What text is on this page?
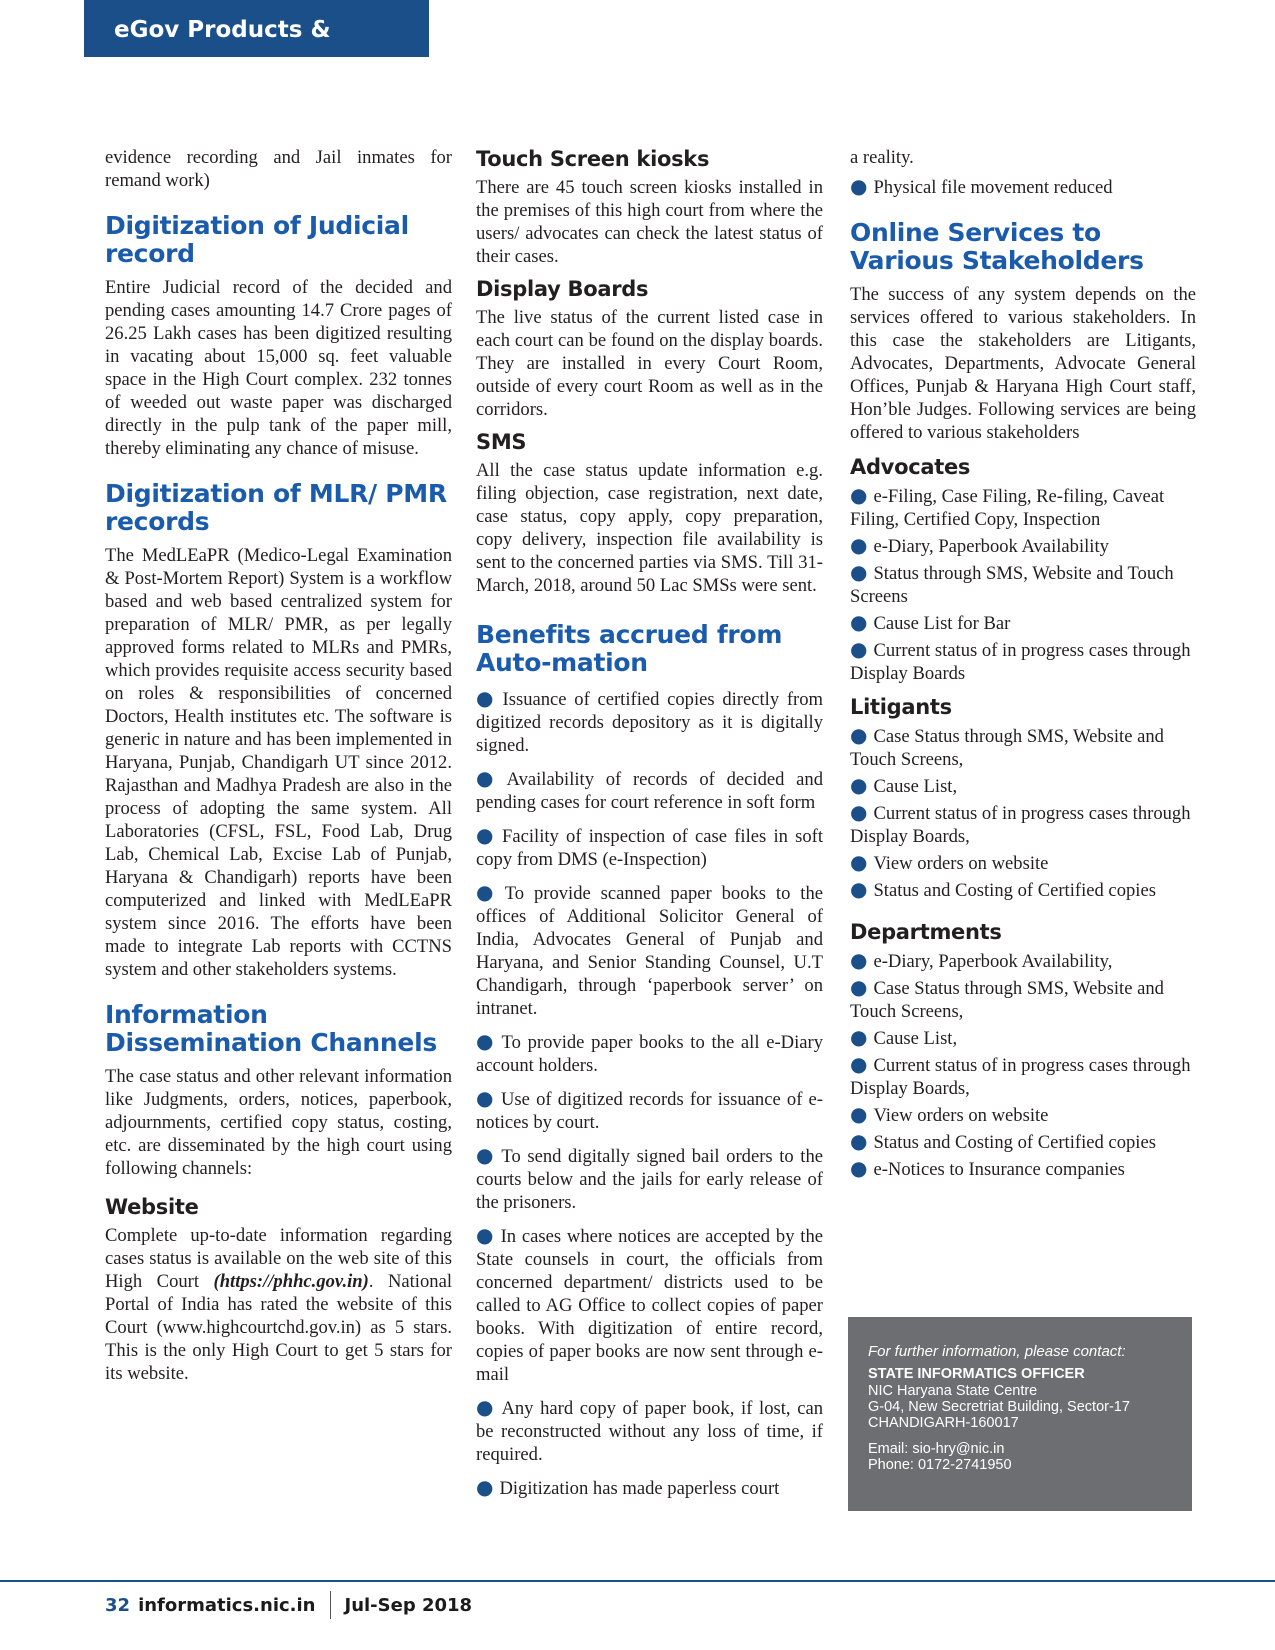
eGov Products & Services

evidence recording and Jail inmates for remand work)

Digitization of Judicial record

Entire Judicial record of the decided and pending cases amounting 14.7 Crore pages of 26.25 Lakh cases has been digitized resulting in vacating about 15,000 sq. feet valuable space in the High Court complex. 232 tonnes of weeded out waste paper was discharged directly in the pulp tank of the paper mill, thereby eliminating any chance of misuse.

Digitization of MLR/ PMR records

The MedLEaPR (Medico-Legal Examination & Post-Mortem Report) System is a workflow based and web based centralized system for preparation of MLR/ PMR, as per legally approved forms related to MLRs and PMRs, which provides requisite access security based on roles & responsibilities of concerned Doctors, Health institutes etc. The software is generic in nature and has been implemented in Haryana, Punjab, Chandigarh UT since 2012. Rajasthan and Madhya Pradesh are also in the process of adopting the same system. All Laboratories (CFSL, FSL, Food Lab, Drug Lab, Chemical Lab, Excise Lab of Punjab, Haryana & Chandigarh) reports have been computerized and linked with MedLEaPR system since 2016. The efforts have been made to integrate Lab reports with CCTNS system and other stakeholders systems.

Information Dissemination Channels

The case status and other relevant information like Judgments, orders, notices, paperbook, adjournments, certified copy status, costing, etc. are disseminated by the high court using following channels:

Website

Complete up-to-date information regarding cases status is available on the web site of this High Court (https://phhc.gov.in). National Portal of India has rated the website of this Court (www.highcourtchd.gov.in) as 5 stars. This is the only High Court to get 5 stars for its website.

Touch Screen kiosks

There are 45 touch screen kiosks installed in the premises of this high court from where the users/ advocates can check the latest status of their cases.

Display Boards

The live status of the current listed case in each court can be found on the display boards. They are installed in every Court Room, outside of every court Room as well as in the corridors.

SMS

All the case status update information e.g. filing objection, case registration, next date, case status, copy apply, copy preparation, copy delivery, inspection file availability is sent to the concerned parties via SMS. Till 31-March, 2018, around 50 Lac SMSs were sent.

Benefits accrued from Auto-mation
● Issuance of certified copies directly from digitized records depository as it is digitally signed.
● Availability of records of decided and pending cases for court reference in soft form
● Facility of inspection of case files in soft copy from DMS (e-Inspection)
● To provide scanned paper books to the offices of Additional Solicitor General of India, Advocates General of Punjab and Haryana, and Senior Standing Counsel, U.T Chandigarh, through ‘paperbook server’ on intranet.
● To provide paper books to the all e-Diary account holders.
● Use of digitized records for issuance of e-notices by court.
● To send digitally signed bail orders to the courts below and the jails for early release of the prisoners.
● In cases where notices are accepted by the State counsels in court, the officials from concerned department/ districts used to be called to AG Office to collect copies of paper books. With digitization of entire record, copies of paper books are now sent through e-mail
● Any hard copy of paper book, if lost, can be reconstructed without any loss of time, if required.
● Digitization has made paperless court

a reality.

● Physical file movement reduced
Online Services to Various Stakeholders

The success of any system depends on the services offered to various stakeholders. In this case the stakeholders are Litigants, Advocates, Departments, Advocate General Offices, Punjab & Haryana High Court staff, Hon’ble Judges. Following services are being offered to various stakeholders

Advocates
● e-Filing, Case Filing, Re-filing, Caveat Filing, Certified Copy, Inspection
● e-Diary, Paperbook Availability
● Status through SMS, Website and Touch Screens
● Cause List for Bar
● Current status of in progress cases through Display Boards
Litigants
● Case Status through SMS, Website and Touch Screens,
● Cause List,
● Current status of in progress cases through Display Boards,
● View orders on website
● Status and Costing of Certified copies
Departments
● e-Diary, Paperbook Availability,
● Case Status through SMS, Website and Touch Screens,
● Cause List,
● Current status of in progress cases through Display Boards,
● View orders on website
● Status and Costing of Certified copies
● e-Notices to Insurance companies
For further information, please contact:
STATE INFORMATICS OFFICER
NIC Haryana State Centre
G-04, New Secretriat Building, Sector-17
CHANDIGARH-160017
Email: sio-hry@nic.in
Phone: 0172-2741950
32 informatics.nic.in Jul-Sep 2018
